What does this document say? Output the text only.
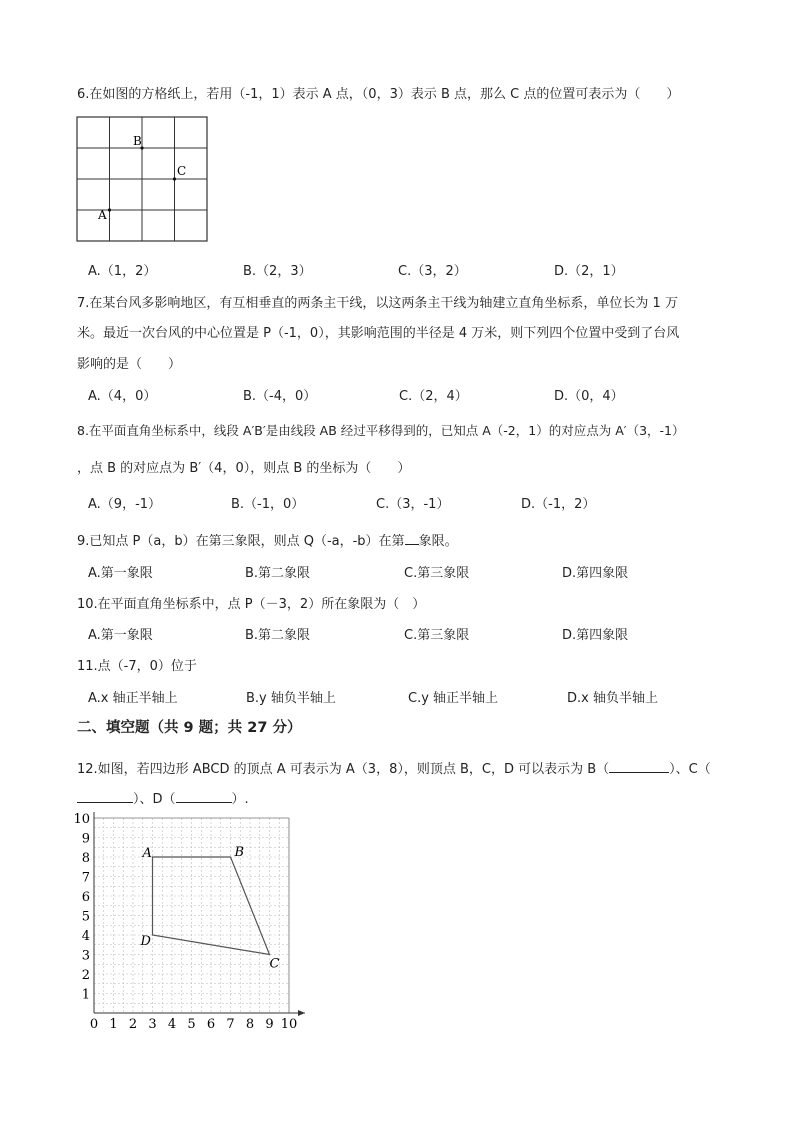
6.在如图的方格纸上，若用（-1，1）表示 A 点，（0，3）表示 B 点，那么 C 点的位置可表示为（　　）
A
B
C
A.（1，2）	B.（2，3）	C.（3，2）	D.（2，1）
7.在某台风多影响地区，有互相垂直的两条主干线，以这两条主干线为轴建立直角坐标系，单位长为 1 万
米。最近一次台风的中心位置是 P（-1，0），其影响范围的半径是 4 万米，则下列四个位置中受到了台风
影响的是（　　）
A.（4，0）	B.（-4，0）	C.（2，4）	D.（0，4）
8.在平面直角坐标系中，线段 A′B′是由线段 AB 经过平移得到的，已知点 A（-2，1）的对应点为 A′（3，-1）
，点 B 的对应点为 B′（4，0），则点 B 的坐标为（　　）
A.（9，-1）	B.（-1，0）	C.（3，-1）	D.（-1，2）
9.已知点 P（a，b）在第三象限，则点 Q（-a，-b）在第 象限。
A.第一象限	B.第二象限	C.第三象限	D.第四象限
10.在平面直角坐标系中，点 P（－3，2）所在象限为（　）
A.第一象限	B.第二象限	C.第三象限	D.第四象限
11.点（-7，0）位于
A.x 轴正半轴上	B.y 轴负半轴上	C.y 轴正半轴上	D.x 轴负半轴上
二、填空题（共 9 题；共 27 分）
12.如图，若四边形 ABCD 的顶点 A 可表示为 A（3，8），则顶点 B，C，D 可以表示为 B（	）、C（
）、D（	）.
0 1 2 3 4 5 6 7 8 9 10
1
2
3
4
5
6
7
8
9
10
A	B
C
D
